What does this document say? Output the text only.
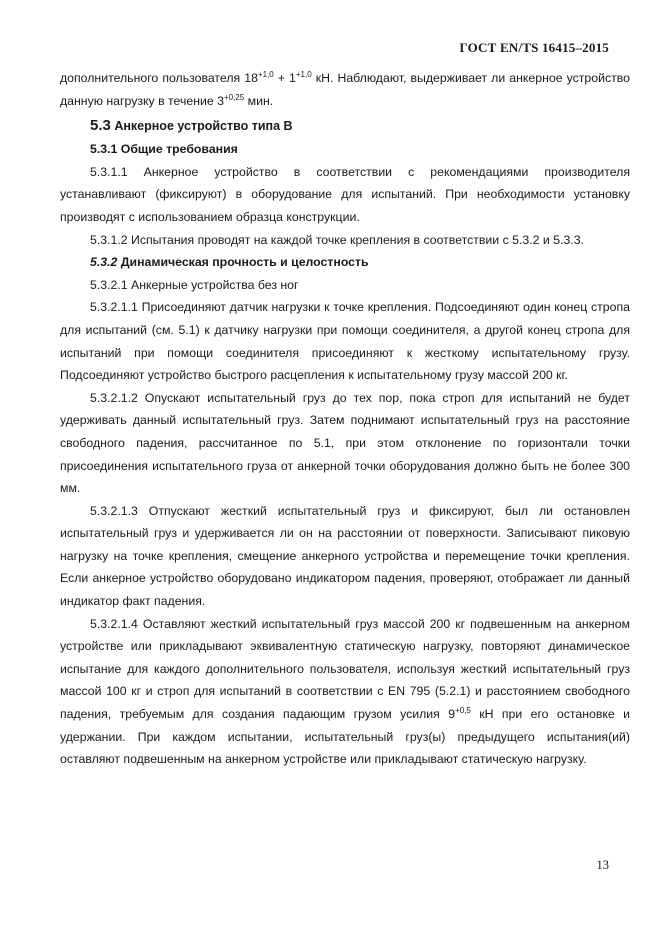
ГОСТ EN/TS 16415–2015

дополнительного пользователя $18^{+1,0} + 1^{+1,0}$ кН. Наблюдают, выдерживает ли анкерное устройство данную нагрузку в течение $3^{+0,25}$ мин.

5.3 Анкерное устройство типа В
5.3.1 Общие требования

5.3.1.1 Анкерное устройство в соответствии с рекомендациями производителя устанавливают (фиксируют) в оборудование для испытаний. При необходимости установку производят с использованием образца конструкции.

5.3.1.2 Испытания проводят на каждой точке крепления в соответствии с 5.3.2 и 5.3.3.

5.3.2 Динамическая прочность и целостность

5.3.2.1 Анкерные устройства без ног

5.3.2.1.1 Присоединяют датчик нагрузки к точке крепления. Подсоединяют один конец стропа для испытаний (см. 5.1) к датчику нагрузки при помощи соединителя, а другой конец стропа для испытаний при помощи соединителя присоединяют к жесткому испытательному грузу. Подсоединяют устройство быстрого расцепления к испытательному грузу массой 200 кг.

5.3.2.1.2 Опускают испытательный груз до тех пор, пока строп для испытаний не будет удерживать данный испытательный груз. Затем поднимают испытательный груз на расстояние свободного падения, рассчитанное по 5.1, при этом отклонение по горизонтали точки присоединения испытательного груза от анкерной точки оборудования должно быть не более 300 мм.

5.3.2.1.3 Отпускают жесткий испытательный груз и фиксируют, был ли остановлен испытательный груз и удерживается ли он на расстоянии от поверхности. Записывают пиковую нагрузку на точке крепления, смещение анкерного устройства и перемещение точки крепления. Если анкерное устройство оборудовано индикатором падения, проверяют, отображает ли данный индикатор факт падения.

5.3.2.1.4 Оставляют жесткий испытательный груз массой 200 кг подвешенным на анкерном устройстве или прикладывают эквивалентную статическую нагрузку, повторяют динамическое испытание для каждого дополнительного пользователя, используя жесткий испытательный груз массой 100 кг и строп для испытаний в соответствии с EN 795 (5.2.1) и расстоянием свободного падения, требуемым для создания падающим грузом усилия $9^{+0,5}$ кН при его остановке и удержании. При каждом испытании, испытательный груз(ы) предыдущего испытания(ий) оставляют подвешенным на анкерном устройстве или прикладывают статическую нагрузку.

13
